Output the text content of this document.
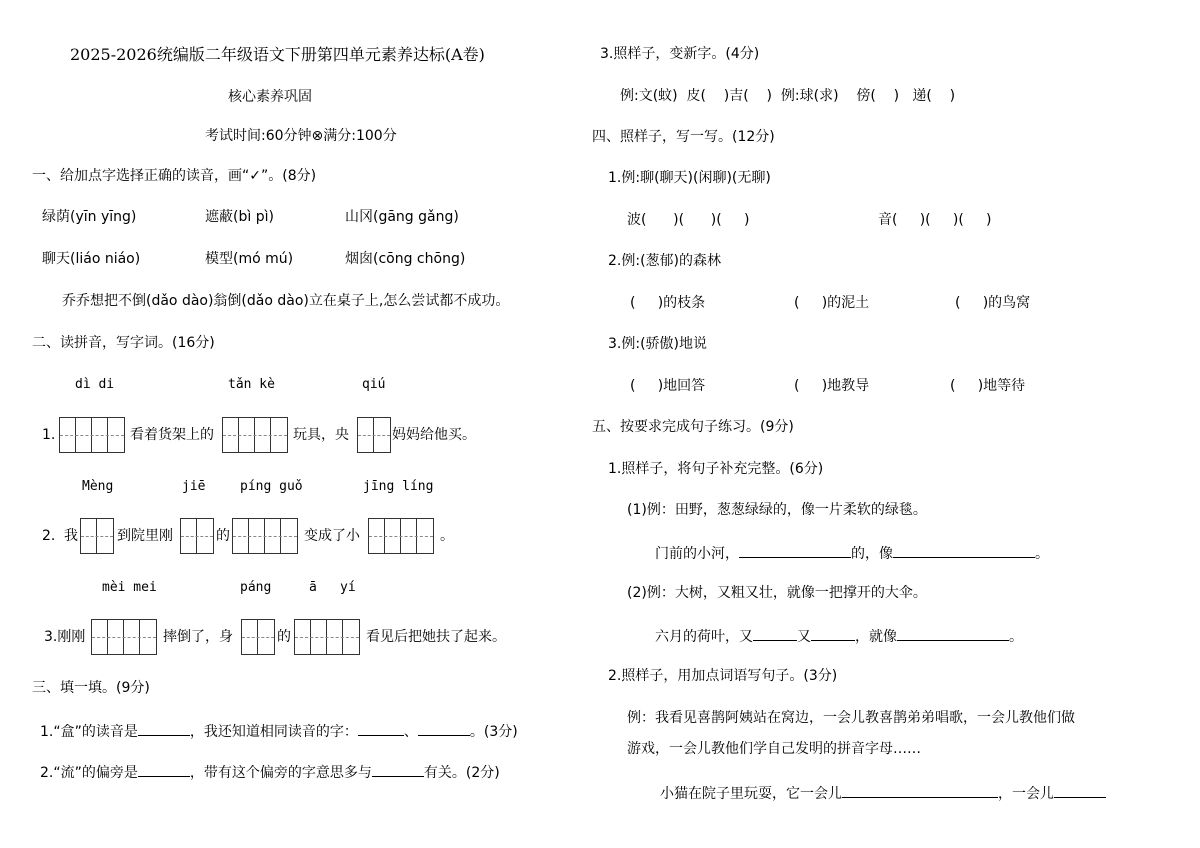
2025-2026统编版二年级语文下册第四单元素养达标(A卷)
核心素养巩固
考试时间:60分钟⊗满分:100分
一、给加点字选择正确的读音，画“✓”。(8分)
绿荫(yīn yīng)	遮蔽(bì pì)	山冈(gāng gǎng)
聊天(liáo niáo)	模型(mó mú)	烟囱(cōng chōng)
乔乔想把不倒(dǎo dào)翁倒(dǎo dào)立在桌子上,怎么尝试都不成功。
二、读拼音，写字词。(16分)
dì di	tǎn kè	qiú
1.	看着货架上的	玩具，央	妈妈给他买。
Mèng	jiē	píng guǒ	jīng líng
2. 我	到院里刚	的	变成了小	。
mèi mei	páng	ā yí
3.刚刚	摔倒了，身	的	看见后把她扶了起来。
三、填一填。(9分)
1.“盒”的读音是	，我还知道相同读音的字：	、	。(3分)
2.“流”的偏旁是	，带有这个偏旁的字意思多与	有关。(2分)
3.照样子，变新字。(4分)
例:文(蚊)  皮(    )吉(    )  例:球(求)    傍(    )   递(    )
四、照样子，写一写。(12分)
1.例:聊(聊天)(闲聊)(无聊)
波(      )(      )(     )	音(     )(     )(     )
2.例:(葱郁)的森林
(     )的枝条	(     )的泥土	(     )的鸟窝
3.例:(骄傲)地说
(     )地回答	(     )地教导	(     )地等待
五、按要求完成句子练习。(9分)
1.照样子，将句子补充完整。(6分)
(1)例：田野，葱葱绿绿的，像一片柔软的绿毯。
门前的小河，	的，像	。
(2)例：大树，又粗又壮，就像一把撑开的大伞。
六月的荷叶，又	又	，就像	。
2.照样子，用加点词语写句子。(3分)
例：我看见喜鹊阿姨站在窝边，一会儿教喜鹊弟弟唱歌，一会儿教他们做
游戏，一会儿教他们学自己发明的拼音字母……
小猫在院子里玩耍，它一会儿	，一会儿
